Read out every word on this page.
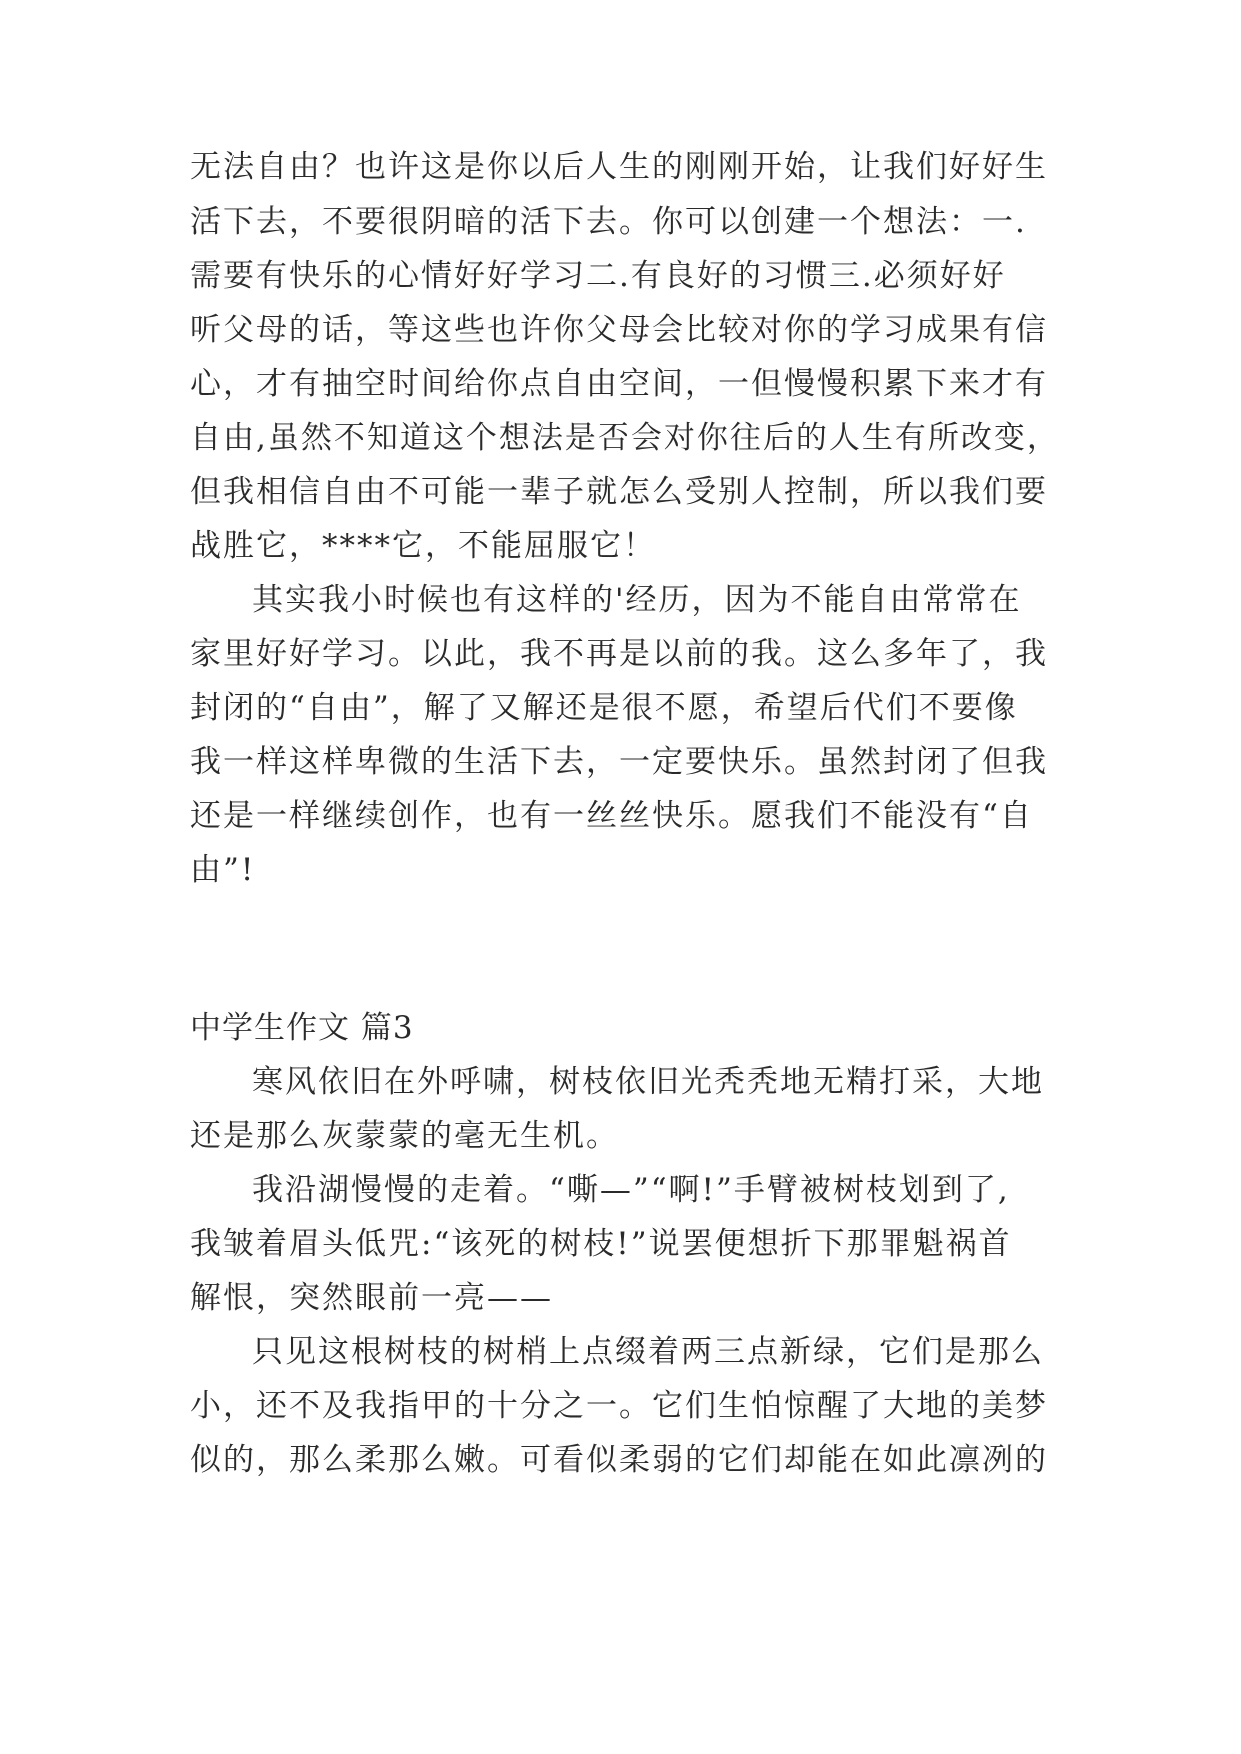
无法自由？也许这是你以后人生的刚刚开始，让我们好好生
活下去，不要很阴暗的活下去。你可以创建一个想法：一.
需要有快乐的心情好好学习二.有良好的习惯三.必须好好
听父母的话，等这些也许你父母会比较对你的学习成果有信
心，才有抽空时间给你点自由空间，一但慢慢积累下来才有
自由,虽然不知道这个想法是否会对你往后的人生有所改变，
但我相信自由不可能一辈子就怎么受别人控制，所以我们要
战胜它，****它，不能屈服它！
其实我小时候也有这样的'经历，因为不能自由常常在
家里好好学习。以此，我不再是以前的我。这么多年了，我
封闭的“自由”，解了又解还是很不愿，希望后代们不要像
我一样这样卑微的生活下去，一定要快乐。虽然封闭了但我
还是一样继续创作，也有一丝丝快乐。愿我们不能没有“自
由”!
中学生作文 篇3
寒风依旧在外呼啸，树枝依旧光秃秃地无精打采，大地
还是那么灰蒙蒙的毫无生机。
我沿湖慢慢的走着。“嘶—”“啊!”手臂被树枝划到了,
我皱着眉头低咒:“该死的树枝!”说罢便想折下那罪魁祸首
解恨，突然眼前一亮——
只见这根树枝的树梢上点缀着两三点新绿，它们是那么
小，还不及我指甲的十分之一。它们生怕惊醒了大地的美梦
似的，那么柔那么嫩。可看似柔弱的它们却能在如此凛冽的
